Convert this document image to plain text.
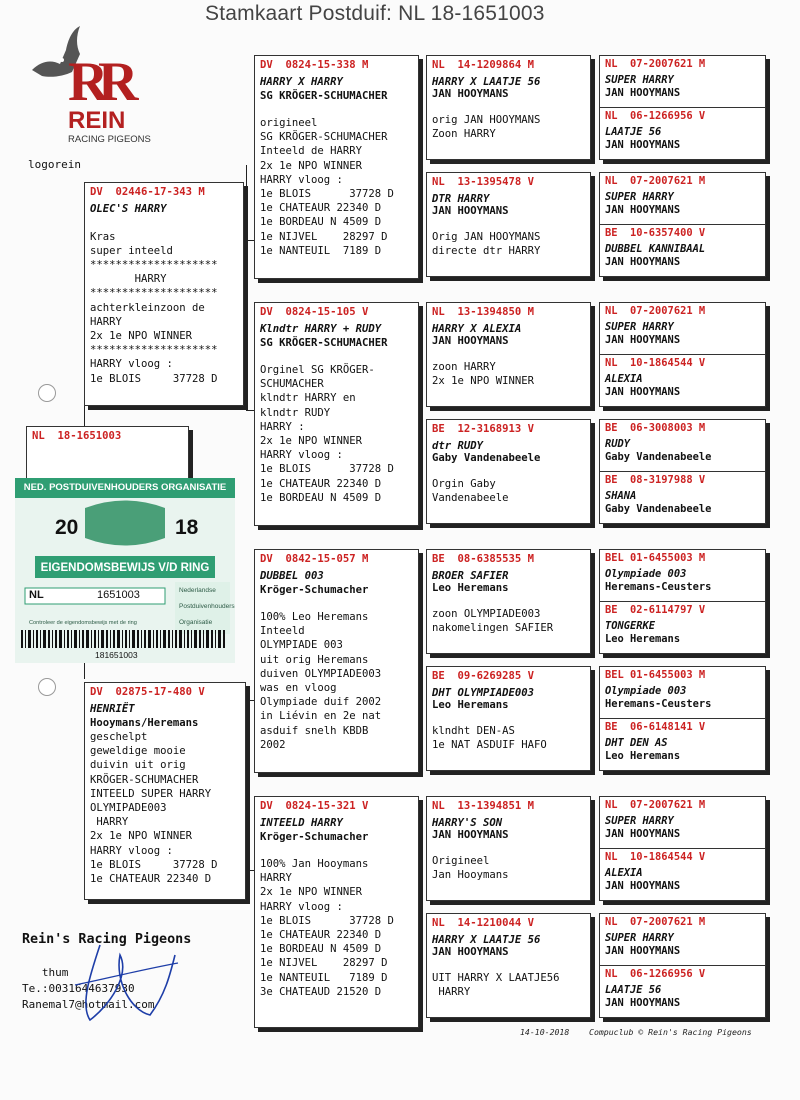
Stamkaart Postduif: NL 18-1651003
R
R
REIN
RACING PIGEONS
logorein
NL  18-1651003
NED. POSTDUIVENHOUDERS ORGANISATIE
20	18
EIGENDOMSBEWIJS V/D RING
NL	1651003	Nederlandse
Postduivenhouders
Organisatie
Controleer de eigendomsbewijs met de ring
181651003
DV  02446-17-343 M
OLEC'S HARRY
Kras
super inteeld
********************
HARRY
********************
achterkleinzoon de
HARRY
2x 1e NPO WINNER
********************
HARRY vloog :
1e BLOIS     37728 D
DV  02875-17-480 V
HENRIËT
Hooymans/Heremans
geschelpt
geweldige mooie
duivin uit orig
KRÖGER-SCHUMACHER
INTEELD SUPER HARRY
OLYMIPADE003
HARRY
2x 1e NPO WINNER
HARRY vloog :
1e BLOIS     37728 D
1e CHATEAUR 22340 D
DV  0824-15-338 M
HARRY X HARRY
SG KRÖGER-SCHUMACHER
origineel
SG KRÖGER-SCHUMACHER
Inteeld de HARRY
2x 1e NPO WINNER
HARRY vloog :
1e BLOIS      37728 D
1e CHATEAUR 22340 D
1e BORDEAU N 4509 D
1e NIJVEL    28297 D
1e NANTEUIL  7189 D
DV  0824-15-105 V
Klndtr HARRY + RUDY
SG KRÖGER-SCHUMACHER
Orginel SG KRÖGER-
SCHUMACHER
klndtr HARRY en
klndtr RUDY
HARRY :
2x 1e NPO WINNER
HARRY vloog :
1e BLOIS      37728 D
1e CHATEAUR 22340 D
1e BORDEAU N 4509 D
DV  0842-15-057 M
DUBBEL 003
Kröger-Schumacher
100% Leo Heremans
Inteeld
OLYMPIADE 003
uit orig Heremans
duiven OLYMPIADE003
was en vloog
Olympiade duif 2002
in Liévin en 2e nat
asduif snelh KBDB
2002
DV  0824-15-321 V
INTEELD HARRY
Kröger-Schumacher
100% Jan Hooymans
HARRY
2x 1e NPO WINNER
HARRY vloog :
1e BLOIS      37728 D
1e CHATEAUR 22340 D
1e BORDEAU N 4509 D
1e NIJVEL    28297 D
1e NANTEUIL   7189 D
3e CHATEAUD 21520 D
NL  14-1209864 M
HARRY X LAATJE 56
JAN HOOYMANS
orig JAN HOOYMANS
Zoon HARRY
NL  13-1395478 V
DTR HARRY
JAN HOOYMANS
Orig JAN HOOYMANS
directe dtr HARRY
NL  13-1394850 M
HARRY X ALEXIA
JAN HOOYMANS
zoon HARRY
2x 1e NPO WINNER
BE  12-3168913 V
dtr RUDY
Gaby Vandenabeele
Orgin Gaby
Vandenabeele
BE  08-6385535 M
BROER SAFIER
Leo Heremans
zoon OLYMPIADE003
nakomelingen SAFIER
BE  09-6269285 V
DHT OLYMPIADE003
Leo Heremans
klndht DEN-AS
1e NAT ASDUIF HAFO
NL  13-1394851 M
HARRY'S SON
JAN HOOYMANS
Origineel
Jan Hooymans
NL  14-1210044 V
HARRY X LAATJE 56
JAN HOOYMANS
UIT HARRY X LAATJE56
HARRY
NL  07-2007621 M
SUPER HARRY
JAN HOOYMANS
NL  06-1266956 V
LAATJE 56
JAN HOOYMANS
NL  07-2007621 M
SUPER HARRY
JAN HOOYMANS
BE  10-6357400 V
DUBBEL KANNIBAAL
JAN HOOYMANS
NL  07-2007621 M
SUPER HARRY
JAN HOOYMANS
NL  10-1864544 V
ALEXIA
JAN HOOYMANS
BE  06-3008003 M
RUDY
Gaby Vandenabeele
BE  08-3197988 V
SHANA
Gaby Vandenabeele
BEL 01-6455003 M
Olympiade 003
Heremans-Ceusters
BE  02-6114797 V
TONGERKE
Leo Heremans
BEL 01-6455003 M
Olympiade 003
Heremans-Ceusters
BE  06-6148141 V
DHT DEN AS
Leo Heremans
NL  07-2007621 M
SUPER HARRY
JAN HOOYMANS
NL  10-1864544 V
ALEXIA
JAN HOOYMANS
NL  07-2007621 M
SUPER HARRY
JAN HOOYMANS
NL  06-1266956 V
LAATJE 56
JAN HOOYMANS
Rein's Racing Pigeons
thum
Te.:0031644637930
Ranemal7@hotmail.com
14-10-2018    Compuclub © Rein's Racing Pigeons
